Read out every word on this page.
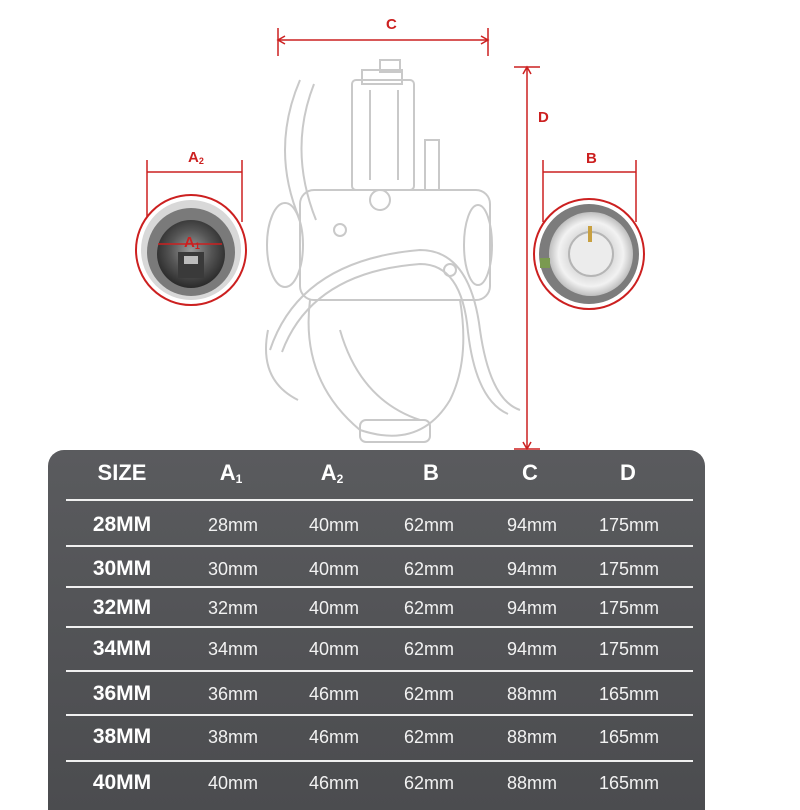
C
D
$A_2$	B
$A_1$
SIZE	A1	A2	B	C	D
28MM	28mm	40mm 62mm	94mm 175mm
30MM	30mm	40mm 62mm	94mm 175mm
32MM	32mm	40mm 62mm	94mm 175mm
34MM	34mm	40mm 62mm	94mm 175mm
36MM	36mm	46mm 62mm	88mm 165mm
38MM	38mm	46mm 62mm	88mm 165mm
40MM	40mm	46mm 62mm	88mm 165mm
